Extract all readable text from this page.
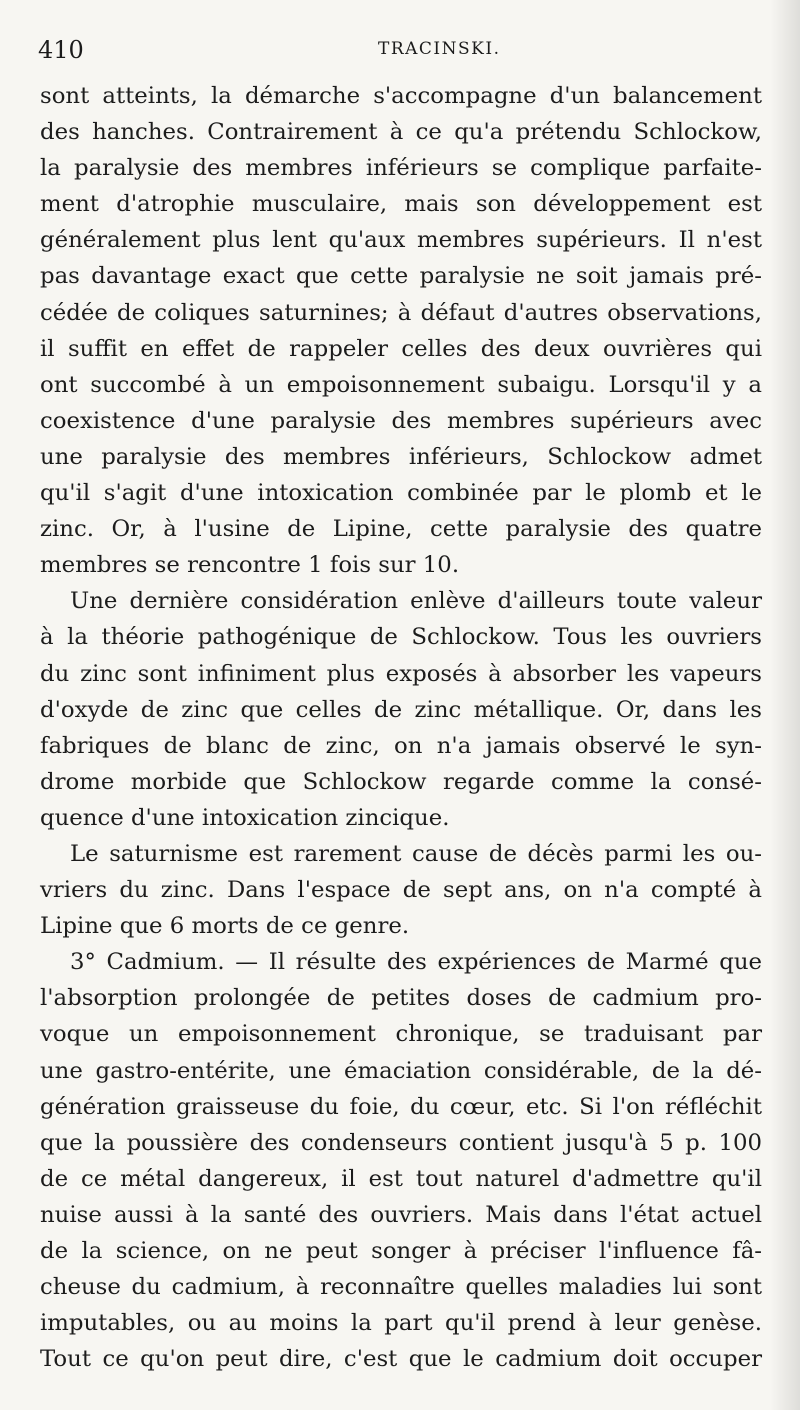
410	TRACINSKI.
sont atteints, la démarche s'accompagne d'un balancement
des hanches. Contrairement à ce qu'a prétendu Schlockow,
la paralysie des membres inférieurs se complique parfaite-
ment d'atrophie musculaire, mais son développement est
généralement plus lent qu'aux membres supérieurs. Il n'est
pas davantage exact que cette paralysie ne soit jamais pré-
cédée de coliques saturnines; à défaut d'autres observations,
il suffit en effet de rappeler celles des deux ouvrières qui
ont succombé à un empoisonnement subaigu. Lorsqu'il y a
coexistence d'une paralysie des membres supérieurs avec
une paralysie des membres inférieurs, Schlockow admet
qu'il s'agit d'une intoxication combinée par le plomb et le
zinc. Or, à l'usine de Lipine, cette paralysie des quatre
membres se rencontre 1 fois sur 10.
Une dernière considération enlève d'ailleurs toute valeur
à la théorie pathogénique de Schlockow. Tous les ouvriers
du zinc sont infiniment plus exposés à absorber les vapeurs
d'oxyde de zinc que celles de zinc métallique. Or, dans les
fabriques de blanc de zinc, on n'a jamais observé le syn-
drome morbide que Schlockow regarde comme la consé-
quence d'une intoxication zincique.
Le saturnisme est rarement cause de décès parmi les ou-
vriers du zinc. Dans l'espace de sept ans, on n'a compté à
Lipine que 6 morts de ce genre.
3° Cadmium. — Il résulte des expériences de Marmé que
l'absorption prolongée de petites doses de cadmium pro-
voque un empoisonnement chronique, se traduisant par
une gastro-entérite, une émaciation considérable, de la dé-
génération graisseuse du foie, du cœur, etc. Si l'on réfléchit
que la poussière des condenseurs contient jusqu'à 5 p. 100
de ce métal dangereux, il est tout naturel d'admettre qu'il
nuise aussi à la santé des ouvriers. Mais dans l'état actuel
de la science, on ne peut songer à préciser l'influence fâ-
cheuse du cadmium, à reconnaître quelles maladies lui sont
imputables, ou au moins la part qu'il prend à leur genèse.
Tout ce qu'on peut dire, c'est que le cadmium doit occuper
